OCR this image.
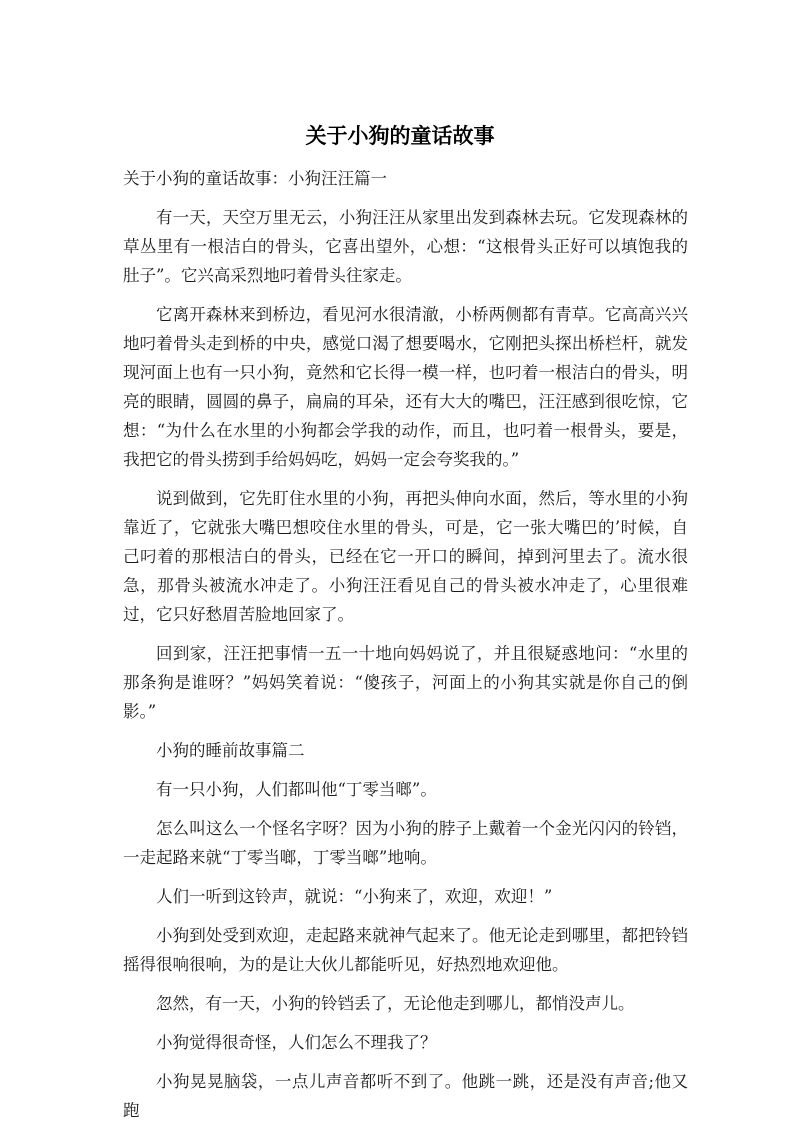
关于小狗的童话故事

关于小狗的童话故事：小狗汪汪篇一

有一天，天空万里无云，小狗汪汪从家里出发到森林去玩。它发现森林的草丛里有一根洁白的骨头，它喜出望外，心想：“这根骨头正好可以填饱我的肚子”。它兴高采烈地叼着骨头往家走。

它离开森林来到桥边，看见河水很清澈，小桥两侧都有青草。它高高兴兴地叼着骨头走到桥的中央，感觉口渴了想要喝水，它刚把头探出桥栏杆，就发现河面上也有一只小狗，竟然和它长得一模一样，也叼着一根洁白的骨头，明亮的眼睛，圆圆的鼻子，扁扁的耳朵，还有大大的嘴巴，汪汪感到很吃惊，它想：“为什么在水里的小狗都会学我的动作，而且，也叼着一根骨头，要是，我把它的骨头捞到手给妈妈吃，妈妈一定会夸奖我的。”

说到做到，它先盯住水里的小狗，再把头伸向水面，然后，等水里的小狗靠近了，它就张大嘴巴想咬住水里的骨头，可是，它一张大嘴巴的’时候，自己叼着的那根洁白的骨头，已经在它一开口的瞬间，掉到河里去了。流水很急，那骨头被流水冲走了。小狗汪汪看见自己的骨头被水冲走了，心里很难过，它只好愁眉苦脸地回家了。

回到家，汪汪把事情一五一十地向妈妈说了，并且很疑惑地问：“水里的那条狗是谁呀？”妈妈笑着说：“傻孩子，河面上的小狗其实就是你自己的倒影。”

小狗的睡前故事篇二

有一只小狗，人们都叫他“丁零当啷”。

怎么叫这么一个怪名字呀？因为小狗的脖子上戴着一个金光闪闪的铃铛，一走起路来就“丁零当啷，丁零当啷”地响。

人们一听到这铃声，就说：“小狗来了，欢迎，欢迎！”

小狗到处受到欢迎，走起路来就神气起来了。他无论走到哪里，都把铃铛摇得很响很响，为的是让大伙儿都能听见，好热烈地欢迎他。

忽然，有一天，小狗的铃铛丢了，无论他走到哪儿，都悄没声儿。

小狗觉得很奇怪，人们怎么不理我了？

小狗晃晃脑袋，一点儿声音都听不到了。他跳一跳，还是没有声音;他又跑
